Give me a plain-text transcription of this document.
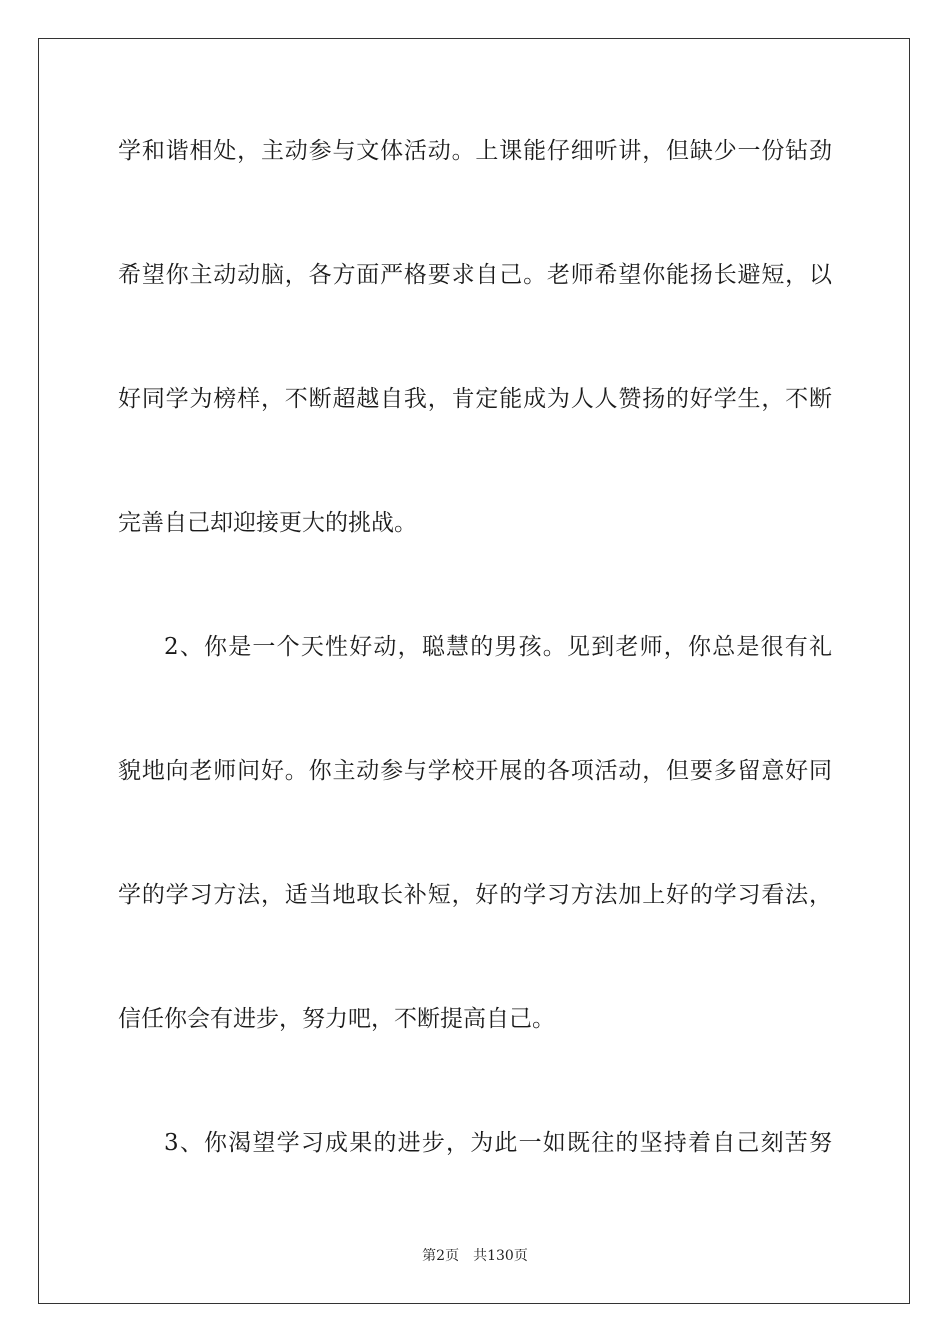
学和谐相处，主动参与文体活动。上课能仔细听讲，但缺少一份钻劲
希望你主动动脑，各方面严格要求自己。老师希望你能扬长避短，以
好同学为榜样，不断超越自我，肯定能成为人人赞扬的好学生，不断
完善自己却迎接更大的挑战。
2、你是一个天性好动，聪慧的男孩。见到老师，你总是很有礼
貌地向老师问好。你主动参与学校开展的各项活动，但要多留意好同
学的学习方法，适当地取长补短，好的学习方法加上好的学习看法，
信任你会有进步，努力吧，不断提高自己。
3、你渴望学习成果的进步，为此一如既往的坚持着自己刻苦努
第2页 共130页
